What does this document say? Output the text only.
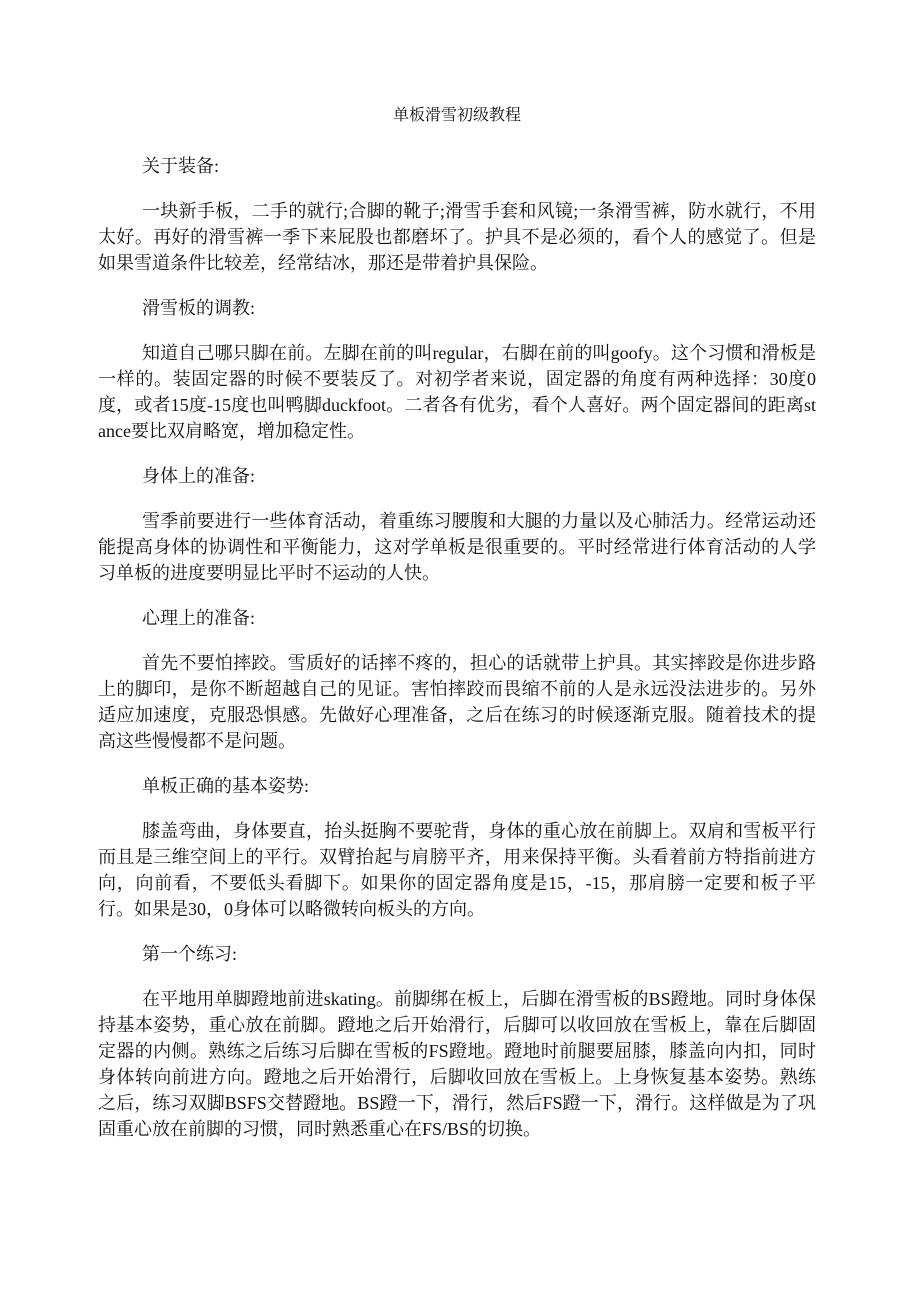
单板滑雪初级教程
关于装备:
一块新手板，二手的就行;合脚的靴子;滑雪手套和风镜;一条滑雪裤，防水就行，不用太好。再好的滑雪裤一季下来屁股也都磨坏了。护具不是必须的，看个人的感觉了。但是如果雪道条件比较差，经常结冰，那还是带着护具保险。
滑雪板的调教:
知道自己哪只脚在前。左脚在前的叫regular，右脚在前的叫goofy。这个习惯和滑板是一样的。装固定器的时候不要装反了。对初学者来说，固定器的角度有两种选择：30度0度，或者15度-15度也叫鸭脚duckfoot。二者各有优劣，看个人喜好。两个固定器间的距离stance要比双肩略宽，增加稳定性。
身体上的准备:
雪季前要进行一些体育活动，着重练习腰腹和大腿的力量以及心肺活力。经常运动还能提高身体的协调性和平衡能力，这对学单板是很重要的。平时经常进行体育活动的人学习单板的进度要明显比平时不运动的人快。
心理上的准备:
首先不要怕摔跤。雪质好的话摔不疼的，担心的话就带上护具。其实摔跤是你进步路上的脚印，是你不断超越自己的见证。害怕摔跤而畏缩不前的人是永远没法进步的。另外适应加速度，克服恐惧感。先做好心理准备，之后在练习的时候逐渐克服。随着技术的提高这些慢慢都不是问题。
单板正确的基本姿势:
膝盖弯曲，身体要直，抬头挺胸不要驼背，身体的重心放在前脚上。双肩和雪板平行而且是三维空间上的平行。双臂抬起与肩膀平齐，用来保持平衡。头看着前方特指前进方向，向前看，不要低头看脚下。如果你的固定器角度是15，-15，那肩膀一定要和板子平行。如果是30，0身体可以略微转向板头的方向。
第一个练习:
在平地用单脚蹬地前进skating。前脚绑在板上，后脚在滑雪板的BS蹬地。同时身体保持基本姿势，重心放在前脚。蹬地之后开始滑行，后脚可以收回放在雪板上，靠在后脚固定器的内侧。熟练之后练习后脚在雪板的FS蹬地。蹬地时前腿要屈膝，膝盖向内扣，同时身体转向前进方向。蹬地之后开始滑行，后脚收回放在雪板上。上身恢复基本姿势。熟练之后，练习双脚BSFS交替蹬地。BS蹬一下，滑行，然后FS蹬一下，滑行。这样做是为了巩固重心放在前脚的习惯，同时熟悉重心在FS/BS的切换。
